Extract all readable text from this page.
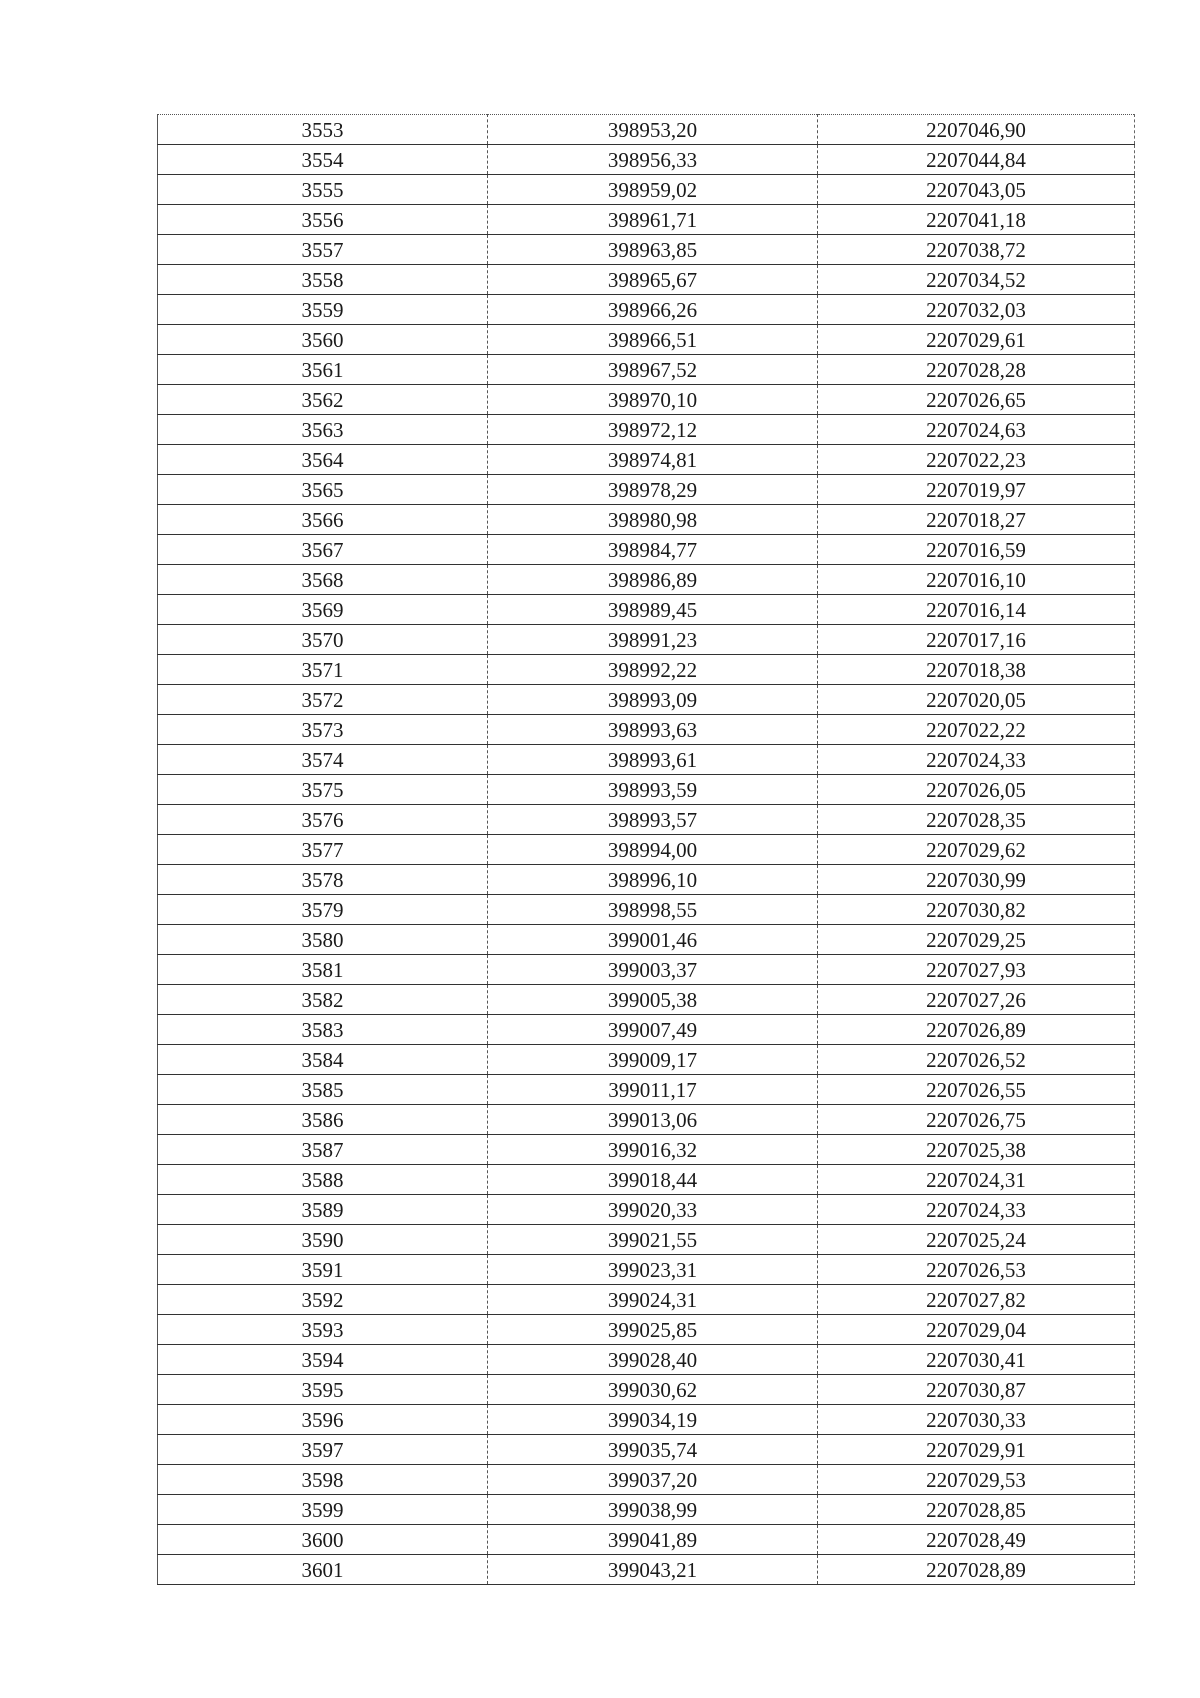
3553	398953,20	2207046,90
3554	398956,33	2207044,84
3555	398959,02	2207043,05
3556	398961,71	2207041,18
3557	398963,85	2207038,72
3558	398965,67	2207034,52
3559	398966,26	2207032,03
3560	398966,51	2207029,61
3561	398967,52	2207028,28
3562	398970,10	2207026,65
3563	398972,12	2207024,63
3564	398974,81	2207022,23
3565	398978,29	2207019,97
3566	398980,98	2207018,27
3567	398984,77	2207016,59
3568	398986,89	2207016,10
3569	398989,45	2207016,14
3570	398991,23	2207017,16
3571	398992,22	2207018,38
3572	398993,09	2207020,05
3573	398993,63	2207022,22
3574	398993,61	2207024,33
3575	398993,59	2207026,05
3576	398993,57	2207028,35
3577	398994,00	2207029,62
3578	398996,10	2207030,99
3579	398998,55	2207030,82
3580	399001,46	2207029,25
3581	399003,37	2207027,93
3582	399005,38	2207027,26
3583	399007,49	2207026,89
3584	399009,17	2207026,52
3585	399011,17	2207026,55
3586	399013,06	2207026,75
3587	399016,32	2207025,38
3588	399018,44	2207024,31
3589	399020,33	2207024,33
3590	399021,55	2207025,24
3591	399023,31	2207026,53
3592	399024,31	2207027,82
3593	399025,85	2207029,04
3594	399028,40	2207030,41
3595	399030,62	2207030,87
3596	399034,19	2207030,33
3597	399035,74	2207029,91
3598	399037,20	2207029,53
3599	399038,99	2207028,85
3600	399041,89	2207028,49
3601	399043,21	2207028,89
